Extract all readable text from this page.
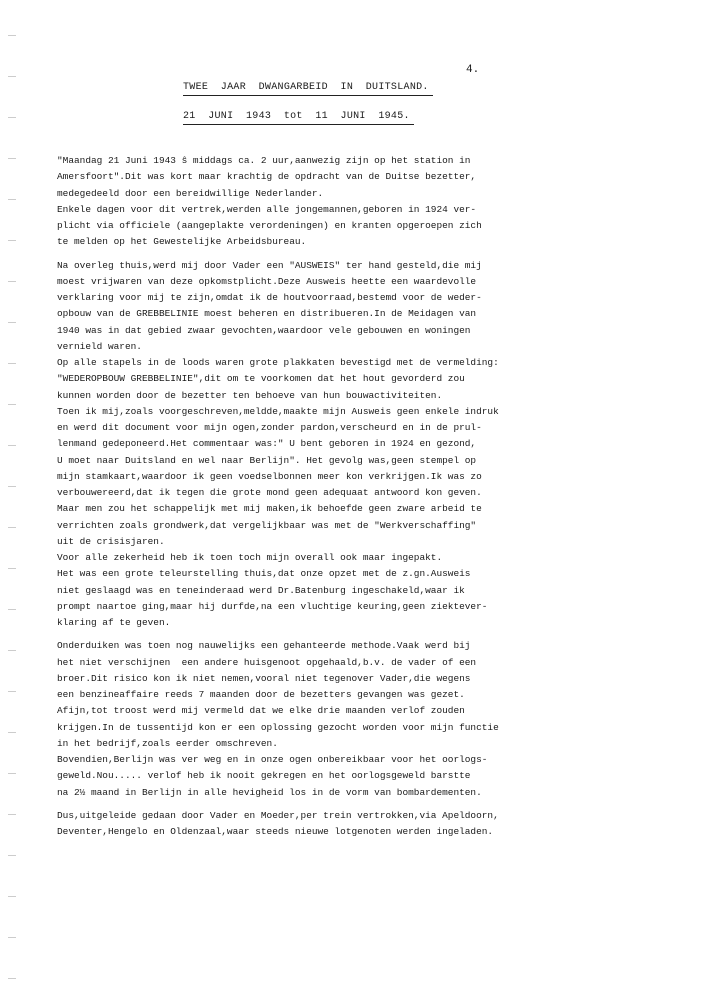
4.
TWEE  JAAR  DWANGARBEID  IN  DUITSLAND.
21  JUNI  1943  tot  11  JUNI  1945.
"Maandag 21 Juni 1943 ŝ middags ca. 2 uur,aanwezig zijn op het station in
Amersfoort".Dit was kort maar krachtig de opdracht van de Duitse bezetter,
medegedeeld door een bereidwillige Nederlander.
Enkele dagen voor dit vertrek,werden alle jongemannen,geboren in 1924 ver-
plicht via officiele (aangeplakte verordeningen) en kranten opgeroepen zich
te melden op het Gewestelijke Arbeidsbureau.
Na overleg thuis,werd mij door Vader een "AUSWEIS" ter hand gesteld,die mij
moest vrijwaren van deze opkomstplicht.Deze Ausweis heette een waardevolle
verklaring voor mij te zijn,omdat ik de houtvoorraad,bestemd voor de weder-
opbouw van de GREBBELINIE moest beheren en distribueren.In de Meidagen van
1940 was in dat gebied zwaar gevochten,waardoor vele gebouwen en woningen
vernield waren.
Op alle stapels in de loods waren grote plakkaten bevestigd met de vermelding:
"WEDEROPBOUW GREBBELINIE",dit om te voorkomen dat het hout gevorderd zou
kunnen worden door de bezetter ten behoeve van hun bouwactiviteiten.
Toen ik mij,zoals voorgeschreven,meldde,maakte mijn Ausweis geen enkele indruk
en werd dit document voor mijn ogen,zonder pardon,verscheurd en in de prul-
lenmand gedeponeerd.Het commentaar was:" U bent geboren in 1924 en gezond,
U moet naar Duitsland en wel naar Berlijn". Het gevolg was,geen stempel op
mijn stamkaart,waardoor ik geen voedselbonnen meer kon verkrijgen.Ik was zo
verbouwereerd,dat ik tegen die grote mond geen adequaat antwoord kon geven.
Maar men zou het schappelijk met mij maken,ik behoefde geen zware arbeid te
verrichten zoals grondwerk,dat vergelijkbaar was met de "Werkverschaffing"
uit de crisisjaren.
Voor alle zekerheid heb ik toen toch mijn overall ook maar ingepakt.
Het was een grote teleurstelling thuis,dat onze opzet met de z.gn.Ausweis
niet geslaagd was en teneinderaad werd Dr.Batenburg ingeschakeld,waar ik
prompt naartoe ging,maar hij durfde,na een vluchtige keuring,geen ziektever-
klaring af te geven.
Onderduiken was toen nog nauwelijks een gehanteerde methode.Vaak werd bij
het niet verschijnen  een andere huisgenoot opgehaald,b.v. de vader of een
broer.Dit risico kon ik niet nemen,vooral niet tegenover Vader,die wegens
een benzineaffaire reeds 7 maanden door de bezetters gevangen was gezet.
Afijn,tot troost werd mij vermeld dat we elke drie maanden verlof zouden
krijgen.In de tussentijd kon er een oplossing gezocht worden voor mijn functie
in het bedrijf,zoals eerder omschreven.
Bovendien,Berlijn was ver weg en in onze ogen onbereikbaar voor het oorlogs-
geweld.Nou..... verlof heb ik nooit gekregen en het oorlogsgeweld barstte
na 2½ maand in Berlijn in alle hevigheid los in de vorm van bombardementen.
Dus,uitgeleide gedaan door Vader en Moeder,per trein vertrokken,via Apeldoorn,
Deventer,Hengelo en Oldenzaal,waar steeds nieuwe lotgenoten werden ingeladen.
